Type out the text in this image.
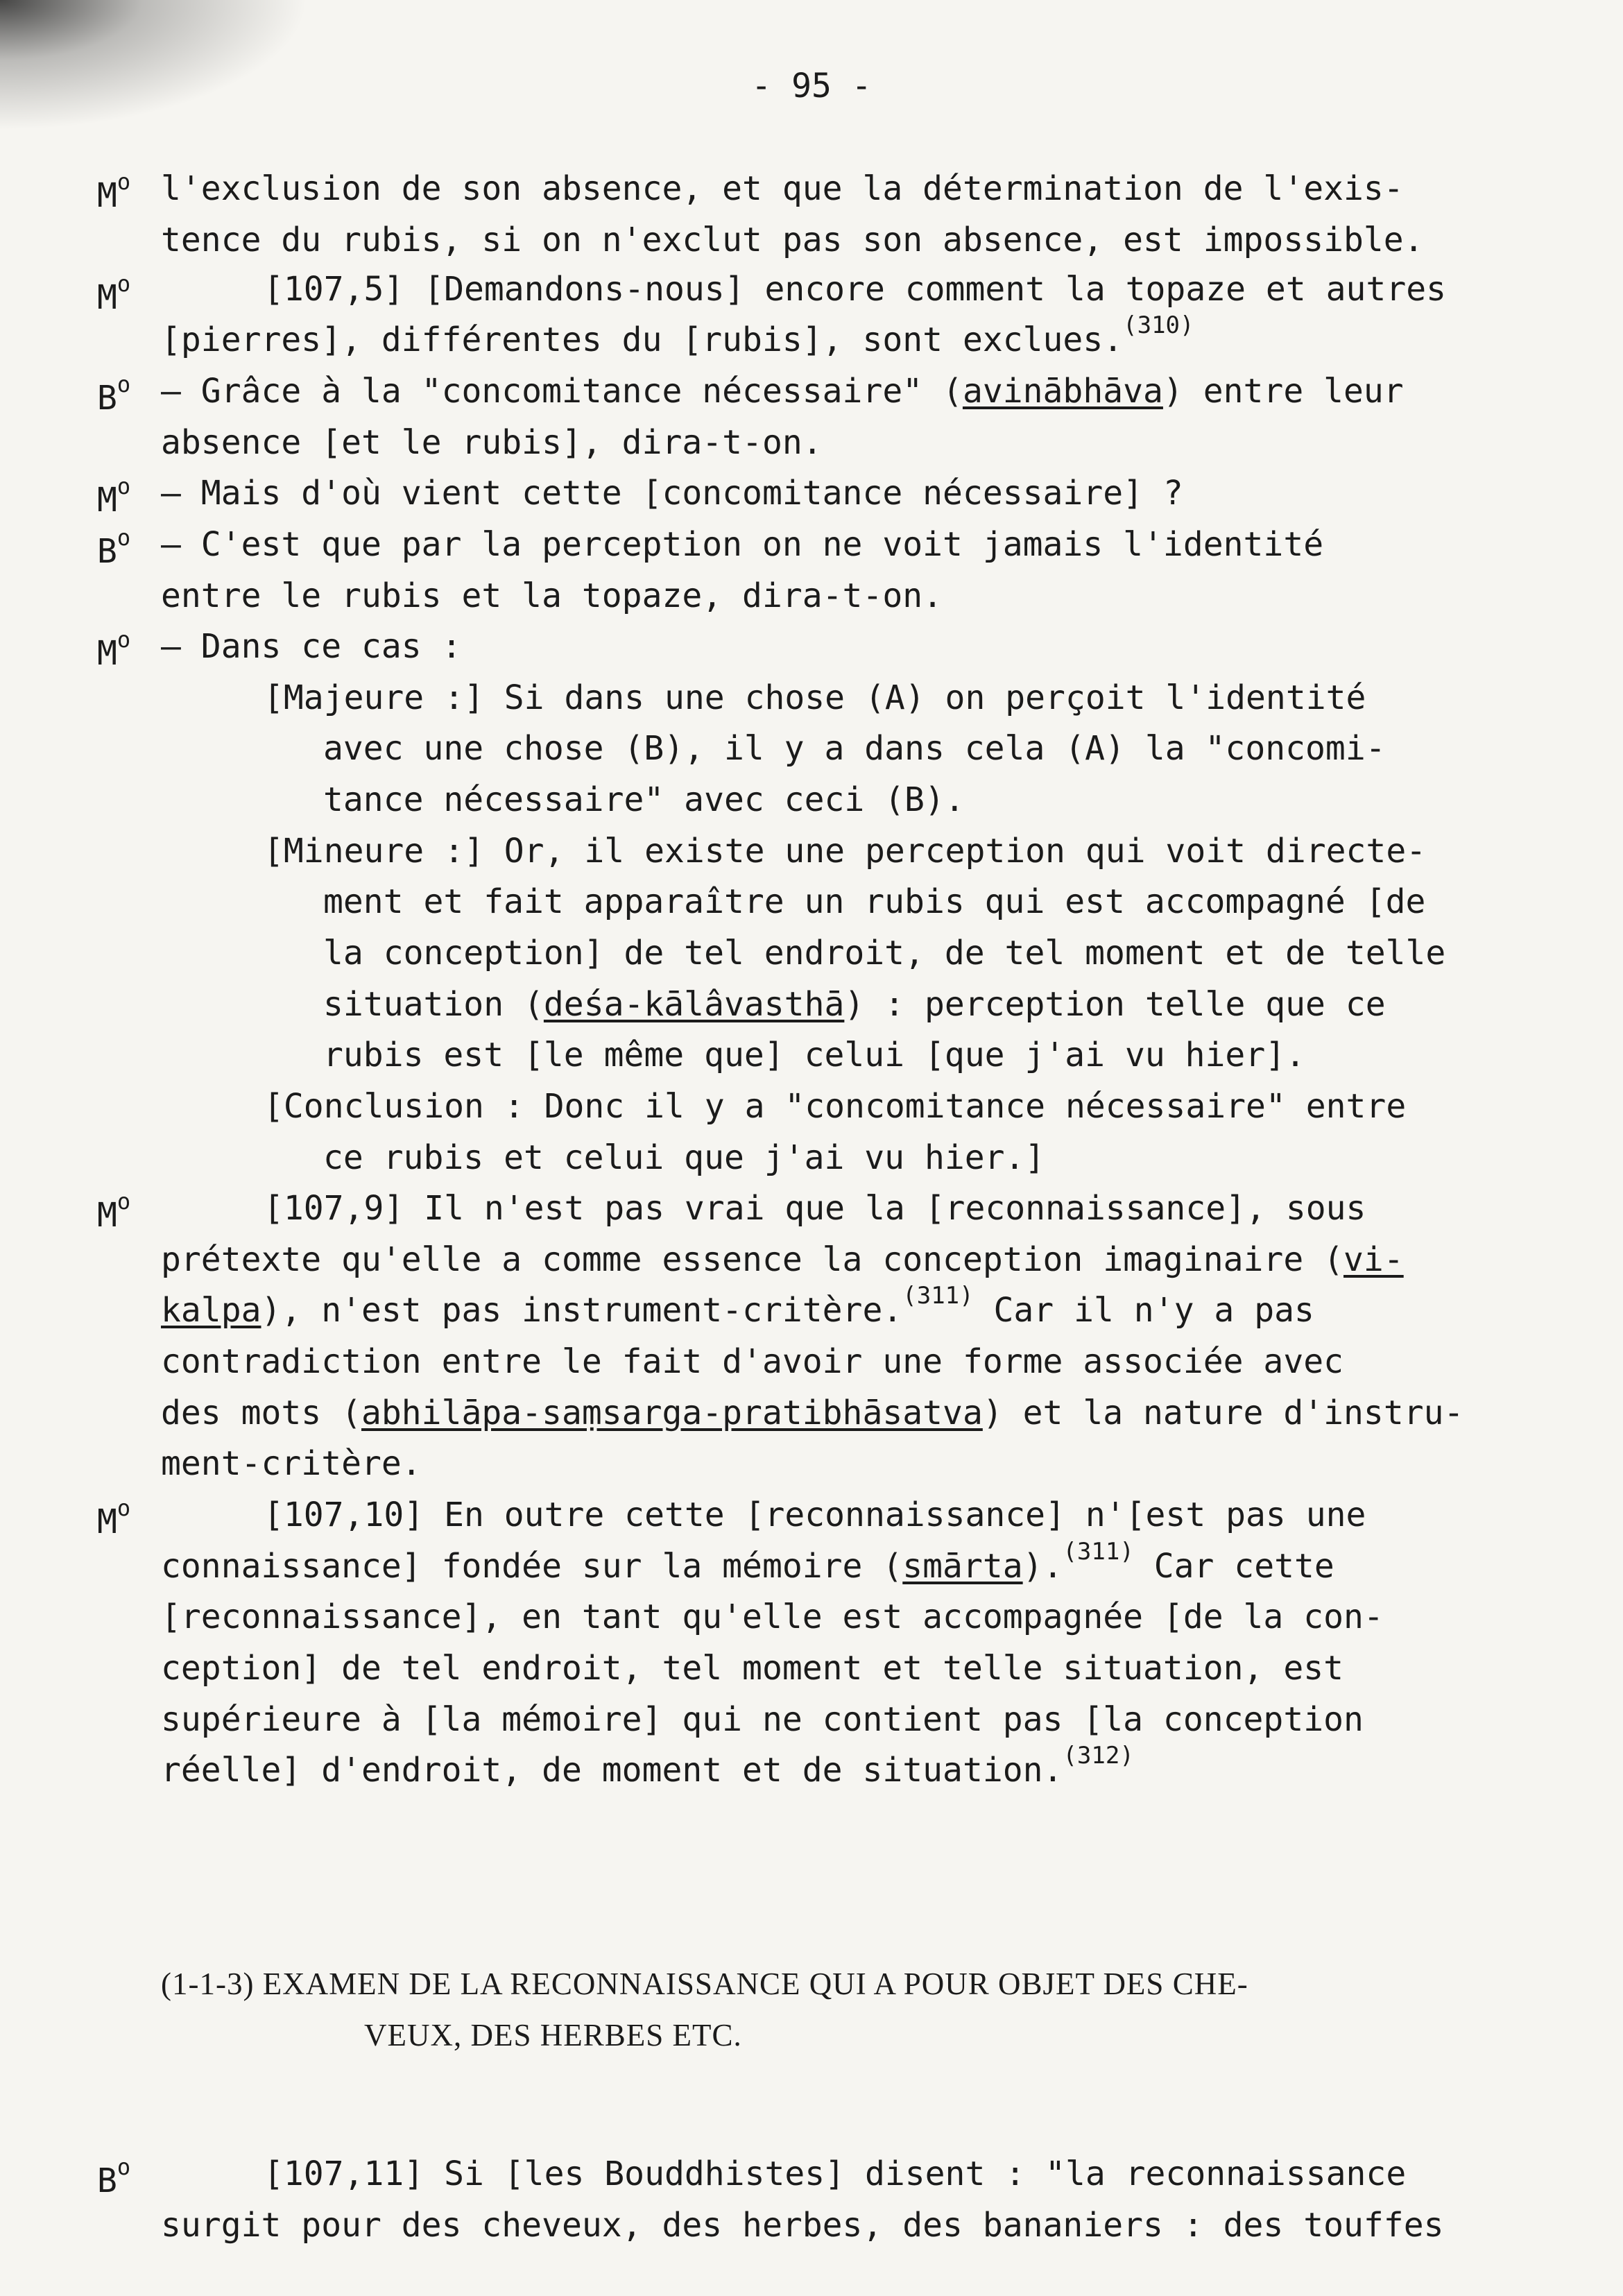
- 95 -
$M^o$ l'exclusion de son absence, et que la détermination de l'exis-
tence du rubis, si on n'exclut pas son absence, est impossible.
$M^o$	[107,5] [Demandons-nous] encore comment la topaze et autres
[pierres], différentes du [rubis], sont exclues.$^{(310)}$
$B^o$ — Grâce à la "concomitance nécessaire" (avinābhāva) entre leur
absence [et le rubis], dira-t-on.
$M^o$ — Mais d'où vient cette [concomitance nécessaire] ?
$B^o$ — C'est que par la perception on ne voit jamais l'identité
entre le rubis et la topaze, dira-t-on.
$M^o$ — Dans ce cas :
[Majeure :] Si dans une chose (A) on perçoit l'identité
avec une chose (B), il y a dans cela (A) la "concomi-
tance nécessaire" avec ceci (B).
[Mineure :] Or, il existe une perception qui voit directe-
ment et fait apparaître un rubis qui est accompagné [de
la conception] de tel endroit, de tel moment et de telle
situation (deśa-kālâvasthā) : perception telle que ce
rubis est [le même que] celui [que j'ai vu hier].
[Conclusion : Donc il y a "concomitance nécessaire" entre
ce rubis et celui que j'ai vu hier.]
$M^o$	[107,9] Il n'est pas vrai que la [reconnaissance], sous
prétexte qu'elle a comme essence la conception imaginaire (vi-
kalpa), n'est pas instrument-critère.$^{(311)}$ Car il n'y a pas
contradiction entre le fait d'avoir une forme associée avec
des mots (abhilāpa-saṃsarga-pratibhāsatva) et la nature d'instru-
ment-critère.
$M^o$	[107,10] En outre cette [reconnaissance] n'[est pas une
connaissance] fondée sur la mémoire (smārta).$^{(311)}$ Car cette
[reconnaissance], en tant qu'elle est accompagnée [de la con-
ception] de tel endroit, tel moment et telle situation, est
supérieure à [la mémoire] qui ne contient pas [la conception
réelle] d'endroit, de moment et de situation.$^{(312)}$
(1-1-3) EXAMEN DE LA RECONNAISSANCE QUI A POUR OBJET DES CHE-
VEUX, DES HERBES ETC.
$B^o$	[107,11] Si [les Bouddhistes] disent : "la reconnaissance
surgit pour des cheveux, des herbes, des bananiers : des touffes
